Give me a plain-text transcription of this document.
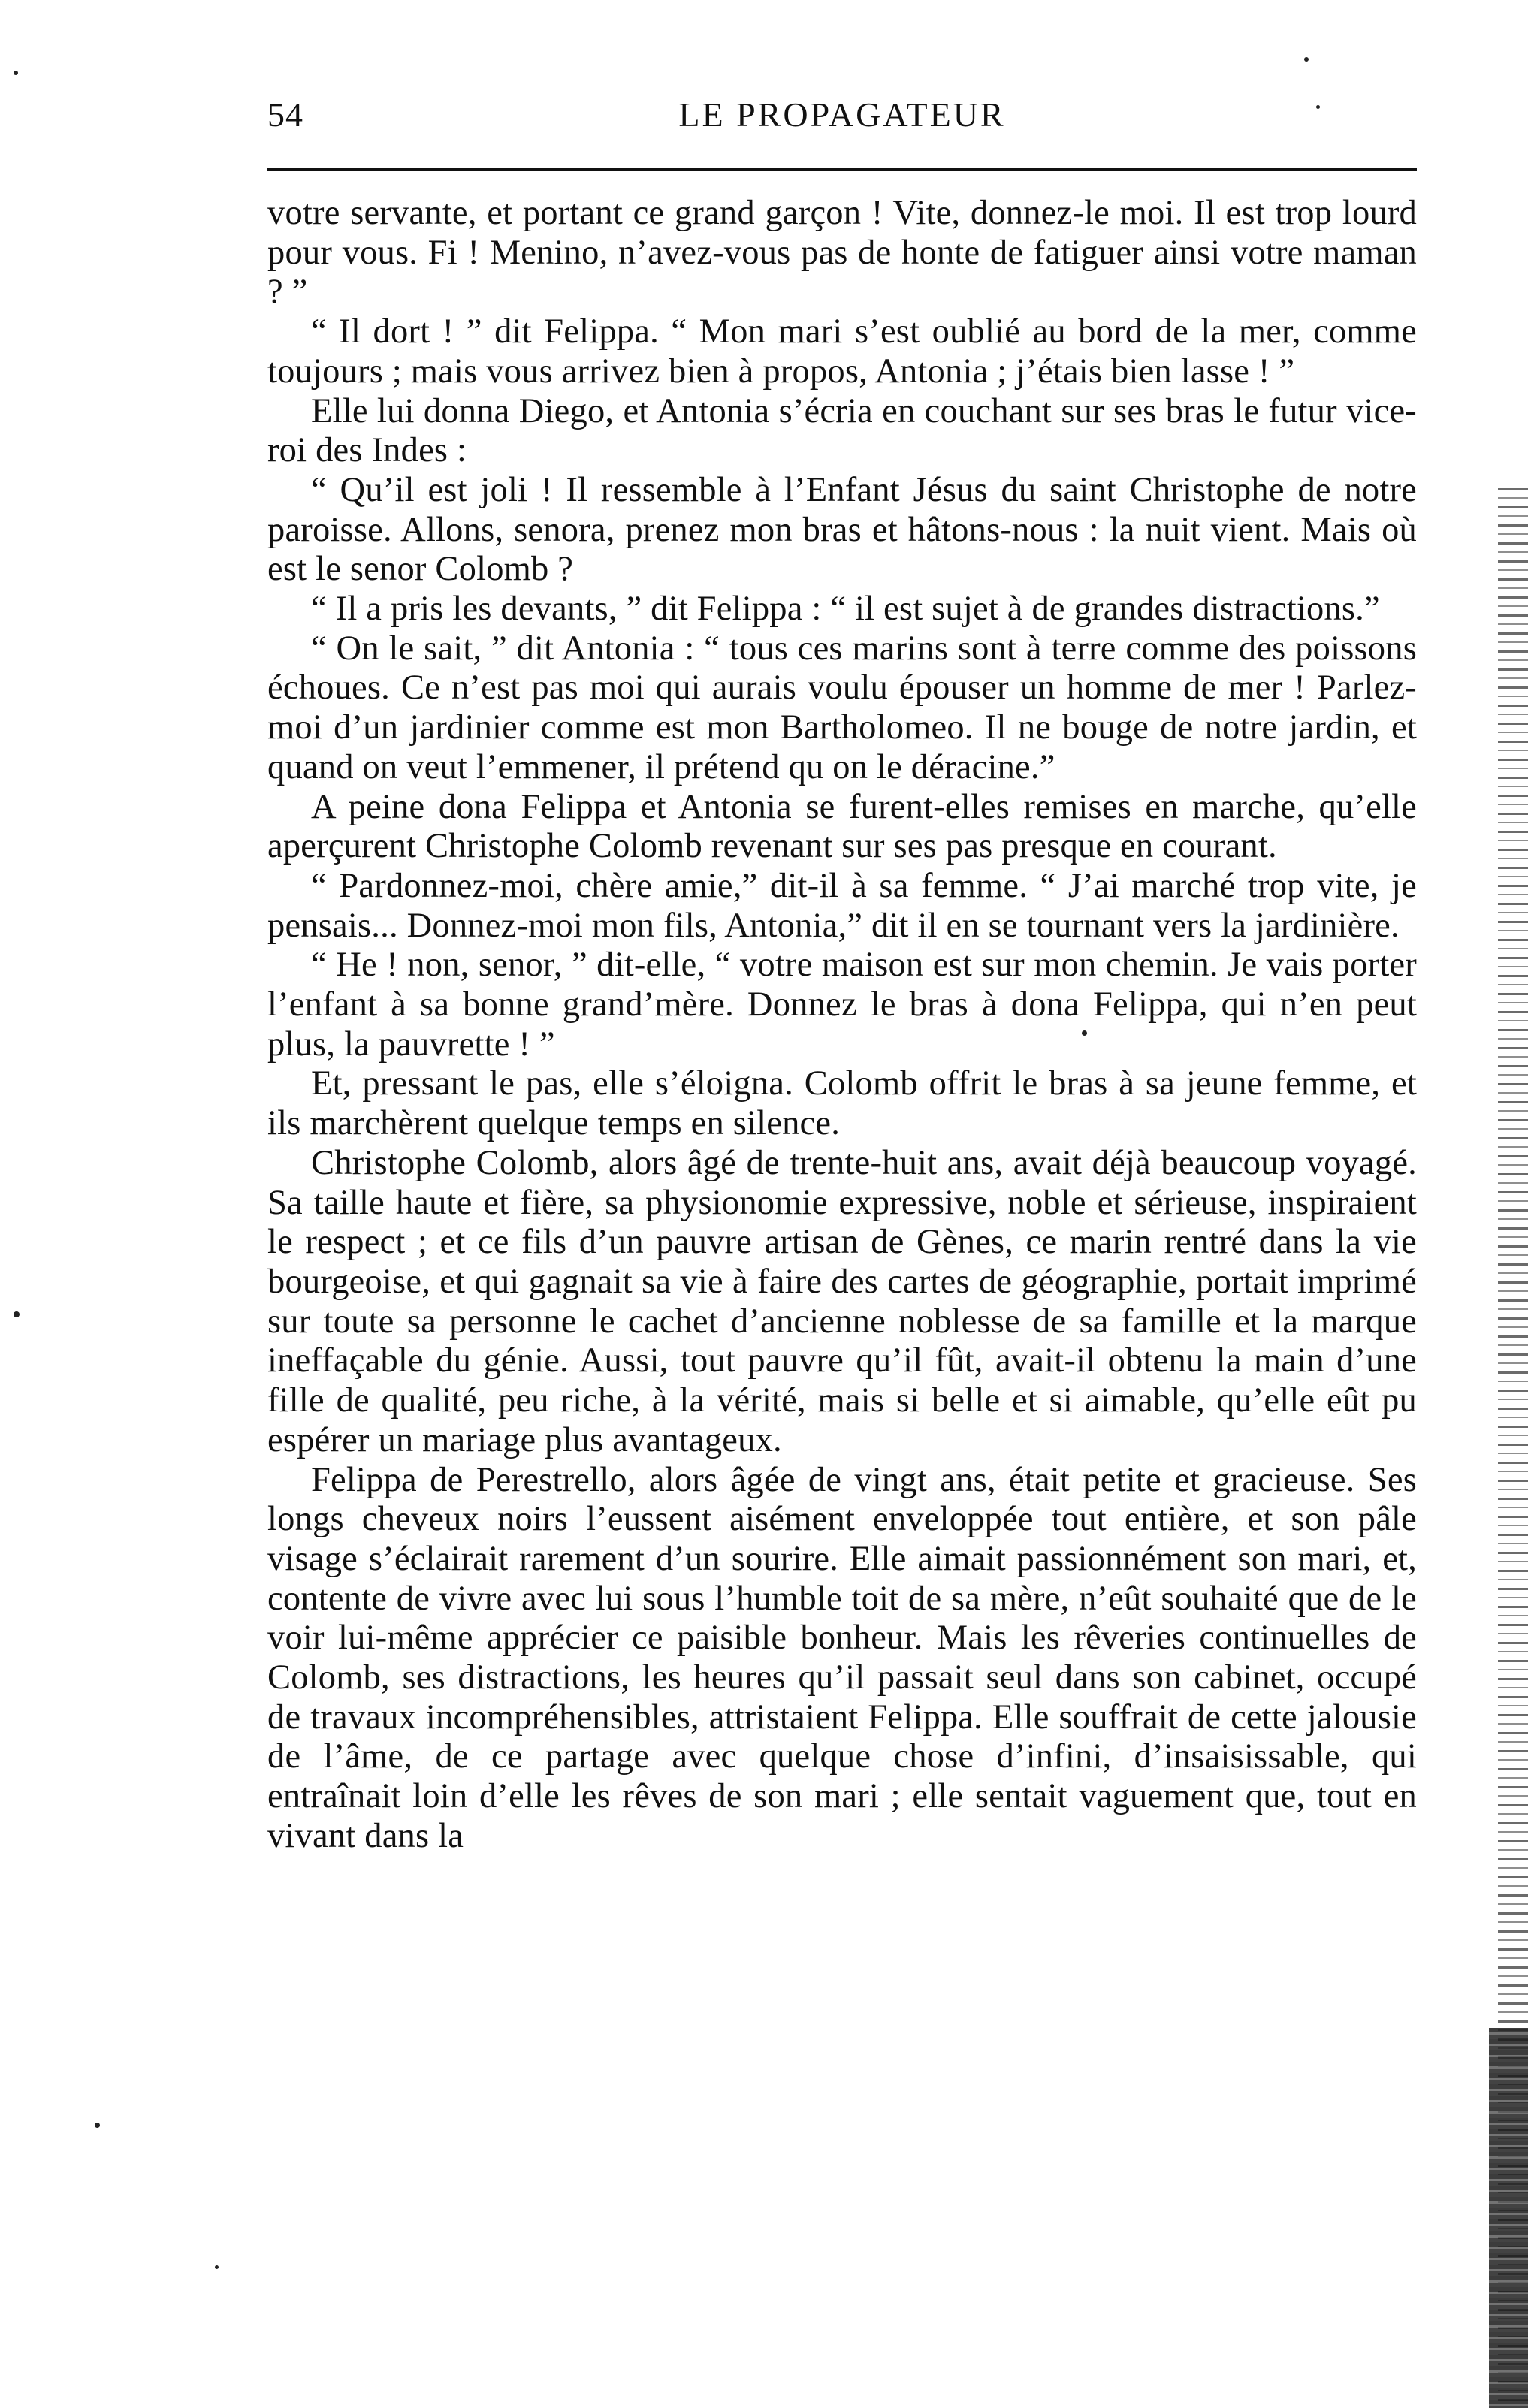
54	LE PROPAGATEUR

votre servante, et portant ce grand garçon ! Vite, donnez-le moi. Il est trop lourd pour vous. Fi ! Menino, n’avez-vous pas de honte de fatiguer ainsi votre maman ? ”

“ Il dort ! ” dit Felippa. “ Mon mari s’est oublié au bord de la mer, comme toujours ; mais vous arrivez bien à propos, Antonia ; j’étais bien lasse ! ”

Elle lui donna Diego, et Antonia s’écria en couchant sur ses bras le futur vice-roi des Indes :

“ Qu’il est joli ! Il ressemble à l’Enfant Jésus du saint Christophe de notre paroisse. Allons, senora, prenez mon bras et hâtons-nous : la nuit vient. Mais où est le senor Colomb ?

“ Il a pris les devants, ” dit Felippa : “ il est sujet à de grandes distractions.”

“ On le sait, ” dit Antonia : “ tous ces marins sont à terre comme des poissons échoues. Ce n’est pas moi qui aurais voulu épouser un homme de mer ! Parlez-moi d’un jardinier comme est mon Bartholomeo. Il ne bouge de notre jardin, et quand on veut l’emmener, il prétend qu on le déracine.”

A peine dona Felippa et Antonia se furent-elles remises en marche, qu’elle aperçurent Christophe Colomb revenant sur ses pas presque en courant.

“ Pardonnez-moi, chère amie,” dit-il à sa femme. “ J’ai marché trop vite, je pensais... Donnez-moi mon fils, Antonia,” dit il en se tournant vers la jardinière.

“ He ! non, senor, ” dit-elle, “ votre maison est sur mon chemin. Je vais porter l’enfant à sa bonne grand’mère. Donnez le bras à dona Felippa, qui n’en peut plus, la pauvrette ! ”

Et, pressant le pas, elle s’éloigna. Colomb offrit le bras à sa jeune femme, et ils marchèrent quelque temps en silence.

Christophe Colomb, alors âgé de trente-huit ans, avait déjà beaucoup voyagé. Sa taille haute et fière, sa physionomie expressive, noble et sérieuse, inspiraient le respect ; et ce fils d’un pauvre artisan de Gènes, ce marin rentré dans la vie bourgeoise, et qui gagnait sa vie à faire des cartes de géographie, portait imprimé sur toute sa personne le cachet d’ancienne noblesse de sa famille et la marque ineffaçable du génie. Aussi, tout pauvre qu’il fût, avait-il obtenu la main d’une fille de qualité, peu riche, à la vérité, mais si belle et si aimable, qu’elle eût pu espérer un mariage plus avantageux.

Felippa de Perestrello, alors âgée de vingt ans, était petite et gracieuse. Ses longs cheveux noirs l’eussent aisément enveloppée tout entière, et son pâle visage s’éclairait rarement d’un sourire. Elle aimait passionnément son mari, et, contente de vivre avec lui sous l’humble toit de sa mère, n’eût souhaité que de le voir lui-même apprécier ce paisible bonheur. Mais les rêveries continuelles de Colomb, ses distractions, les heures qu’il passait seul dans son cabinet, occupé de travaux incompréhensibles, attristaient Felippa. Elle souffrait de cette jalousie de l’âme, de ce partage avec quelque chose d’infini, d’insaisissable, qui entraînait loin d’elle les rêves de son mari ; elle sentait vaguement que, tout en vivant dans la
